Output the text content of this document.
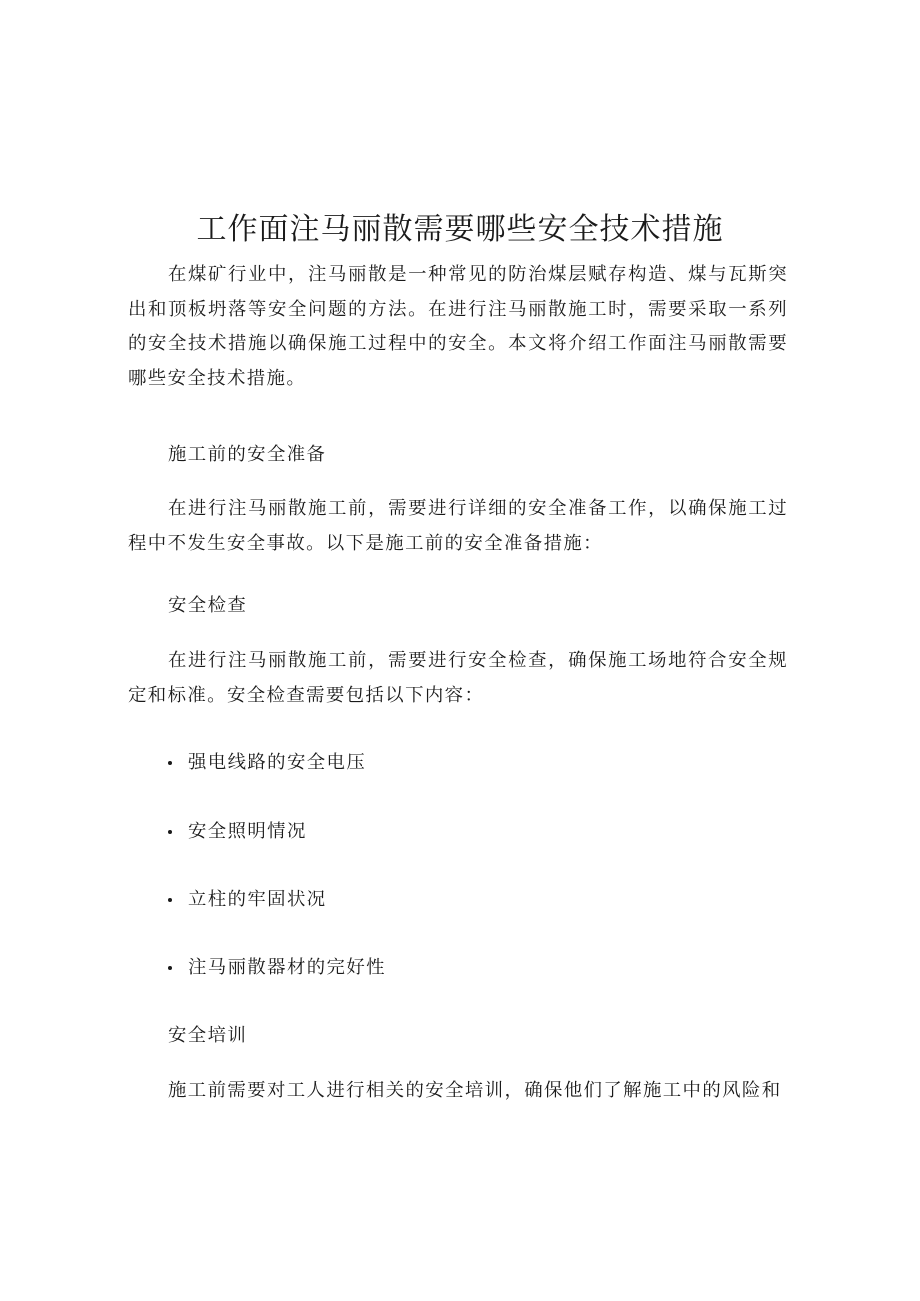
工作面注马丽散需要哪些安全技术措施

在煤矿行业中，注马丽散是一种常见的防治煤层赋存构造、煤与瓦斯突出和顶板坍落等安全问题的方法。在进行注马丽散施工时，需要采取一系列的安全技术措施以确保施工过程中的安全。本文将介绍工作面注马丽散需要哪些安全技术措施。

施工前的安全准备

在进行注马丽散施工前，需要进行详细的安全准备工作，以确保施工过程中不发生安全事故。以下是施工前的安全准备措施：

安全检查

在进行注马丽散施工前，需要进行安全检查，确保施工场地符合安全规定和标准。安全检查需要包括以下内容：

强电线路的安全电压
安全照明情况
立柱的牢固状况
注马丽散器材的完好性

安全培训

施工前需要对工人进行相关的安全培训，确保他们了解施工中的风险和
